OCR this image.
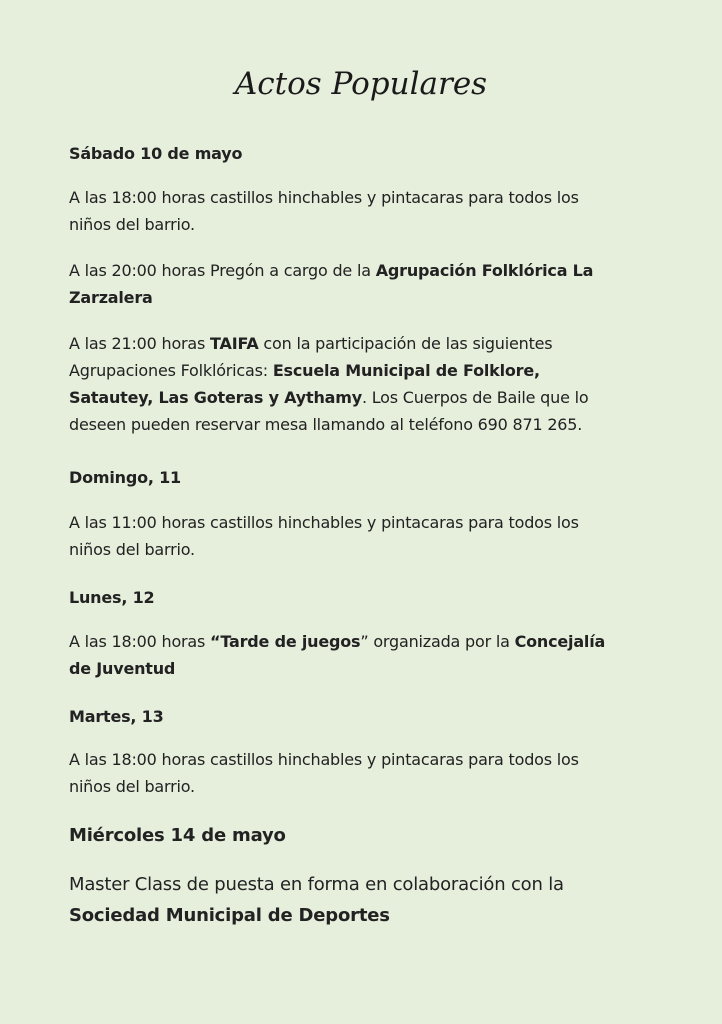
Actos Populares
Sábado 10 de mayo
A las 18:00 horas castillos hinchables y pintacaras para todos los
niños del barrio.
A las 20:00 horas Pregón a cargo de la Agrupación Folklórica La
Zarzalera
A las 21:00 horas TAIFA con la participación de las siguientes
Agrupaciones Folklóricas: Escuela Municipal de Folklore,
Satautey, Las Goteras y Aythamy. Los Cuerpos de Baile que lo
deseen pueden reservar mesa llamando al teléfono 690 871 265.
Domingo, 11
A las 11:00 horas castillos hinchables y pintacaras para todos los
niños del barrio.
Lunes, 12
A las 18:00 horas “Tarde de juegos” organizada por la Concejalía
de Juventud
Martes, 13
A las 18:00 horas castillos hinchables y pintacaras para todos los
niños del barrio.
Miércoles 14 de mayo
Master Class de puesta en forma en colaboración con la
Sociedad Municipal de Deportes
